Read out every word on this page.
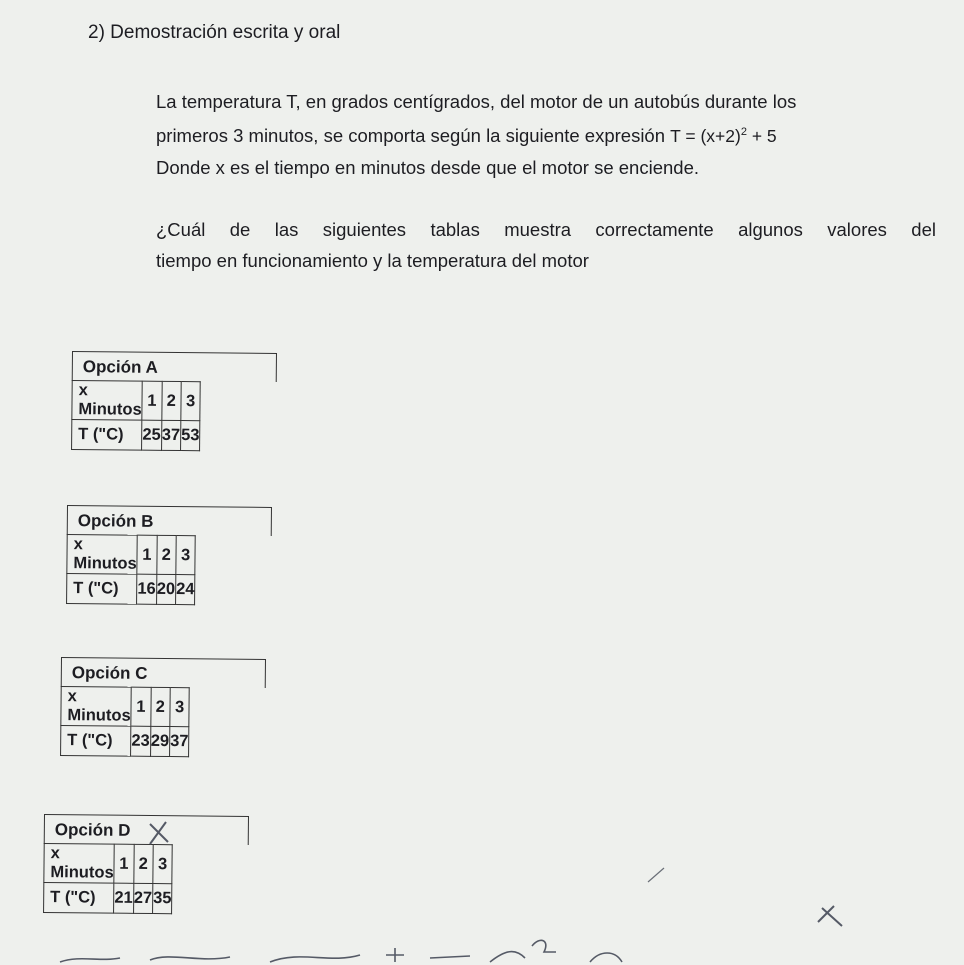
2) Demostración escrita y oral
La temperatura T, en grados centígrados, del motor de un autobús durante los
primeros 3 minutos, se comporta según la siguiente expresión $T = (x+2)^2 + 5$
Donde x es el tiempo en minutos desde que el motor se enciende.
¿Cuál de las siguientes tablas muestra correctamente algunos valores del
tiempo en funcionamiento y la temperatura del motor
Opción A
x Minutos	1	2	3
T ("C)	25	37	53
Opción B
x Minutos	1	2	3
T ("C)	16	20	24
Opción C
x Minutos	1	2	3
T ("C)	23	29	37
Opción D
x Minutos	1	2	3
T ("C)	21	27	35
